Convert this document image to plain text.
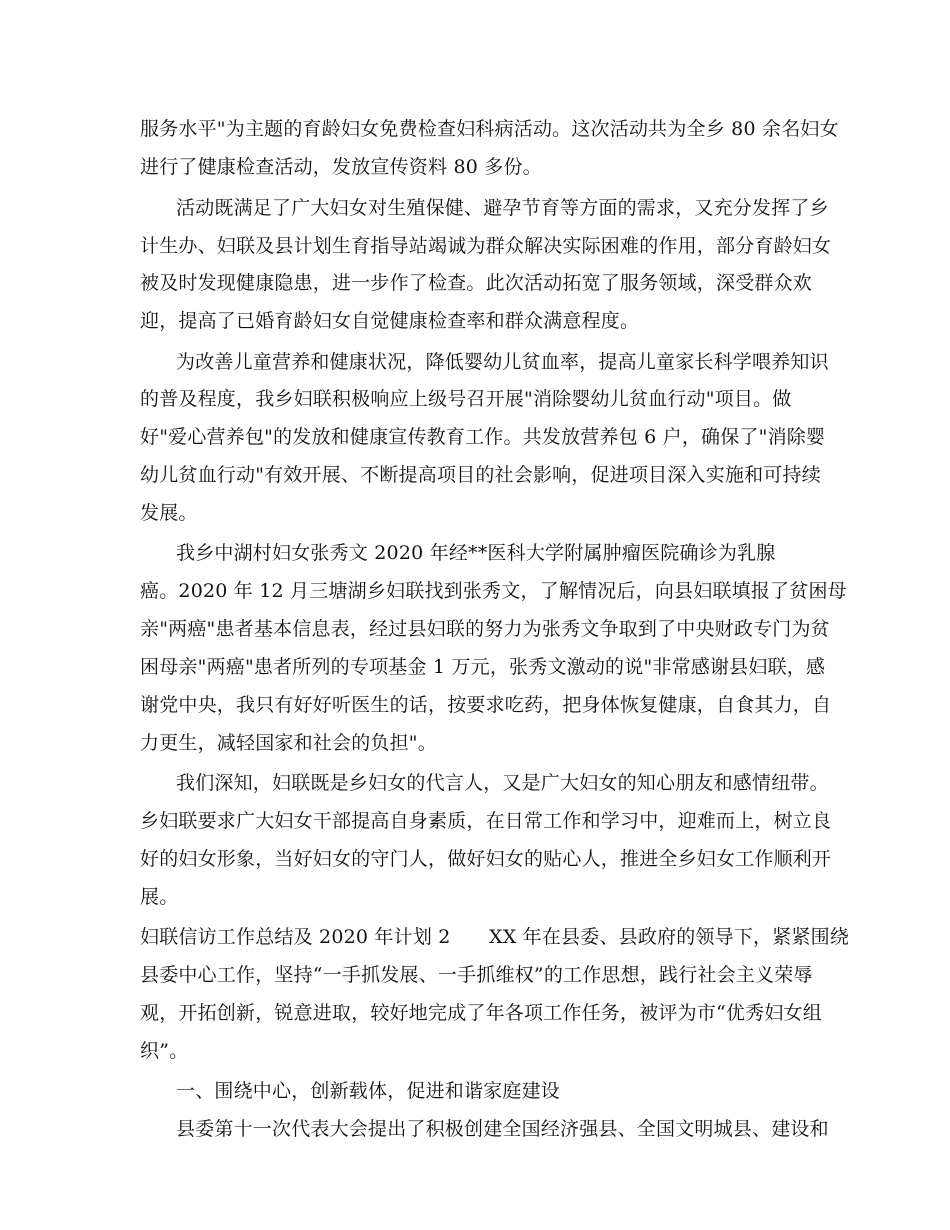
服务水平"为主题的育龄妇女免费检查妇科病活动。这次活动共为全乡 80 余名妇女
进行了健康检查活动，发放宣传资料 80 多份。
活动既满足了广大妇女对生殖保健、避孕节育等方面的需求，又充分发挥了乡
计生办、妇联及县计划生育指导站竭诚为群众解决实际困难的作用，部分育龄妇女
被及时发现健康隐患，进一步作了检查。此次活动拓宽了服务领域，深受群众欢
迎，提高了已婚育龄妇女自觉健康检查率和群众满意程度。
为改善儿童营养和健康状况，降低婴幼儿贫血率，提高儿童家长科学喂养知识
的普及程度，我乡妇联积极响应上级号召开展"消除婴幼儿贫血行动"项目。做
好"爱心营养包"的发放和健康宣传教育工作。共发放营养包 6 户，确保了"消除婴
幼儿贫血行动"有效开展、不断提高项目的社会影响，促进项目深入实施和可持续
发展。
我乡中湖村妇女张秀文 2020 年经**医科大学附属肿瘤医院确诊为乳腺
癌。2020 年 12 月三塘湖乡妇联找到张秀文，了解情况后，向县妇联填报了贫困母
亲"两癌"患者基本信息表，经过县妇联的努力为张秀文争取到了中央财政专门为贫
困母亲"两癌"患者所列的专项基金 1 万元，张秀文激动的说"非常感谢县妇联，感
谢党中央，我只有好好听医生的话，按要求吃药，把身体恢复健康，自食其力，自
力更生，减轻国家和社会的负担"。
我们深知，妇联既是乡妇女的代言人，又是广大妇女的知心朋友和感情纽带。
乡妇联要求广大妇女干部提高自身素质，在日常工作和学习中，迎难而上，树立良
好的妇女形象，当好妇女的守门人，做好妇女的贴心人，推进全乡妇女工作顺利开
展。
妇联信访工作总结及 2020 年计划 2　　XX 年在县委、县政府的领导下，紧紧围绕
县委中心工作，坚持“一手抓发展、一手抓维权”的工作思想，践行社会主义荣辱
观，开拓创新，锐意进取，较好地完成了年各项工作任务，被评为市“优秀妇女组
织”。
一、围绕中心，创新载体，促进和谐家庭建设
县委第十一次代表大会提出了积极创建全国经济强县、全国文明城县、建设和
